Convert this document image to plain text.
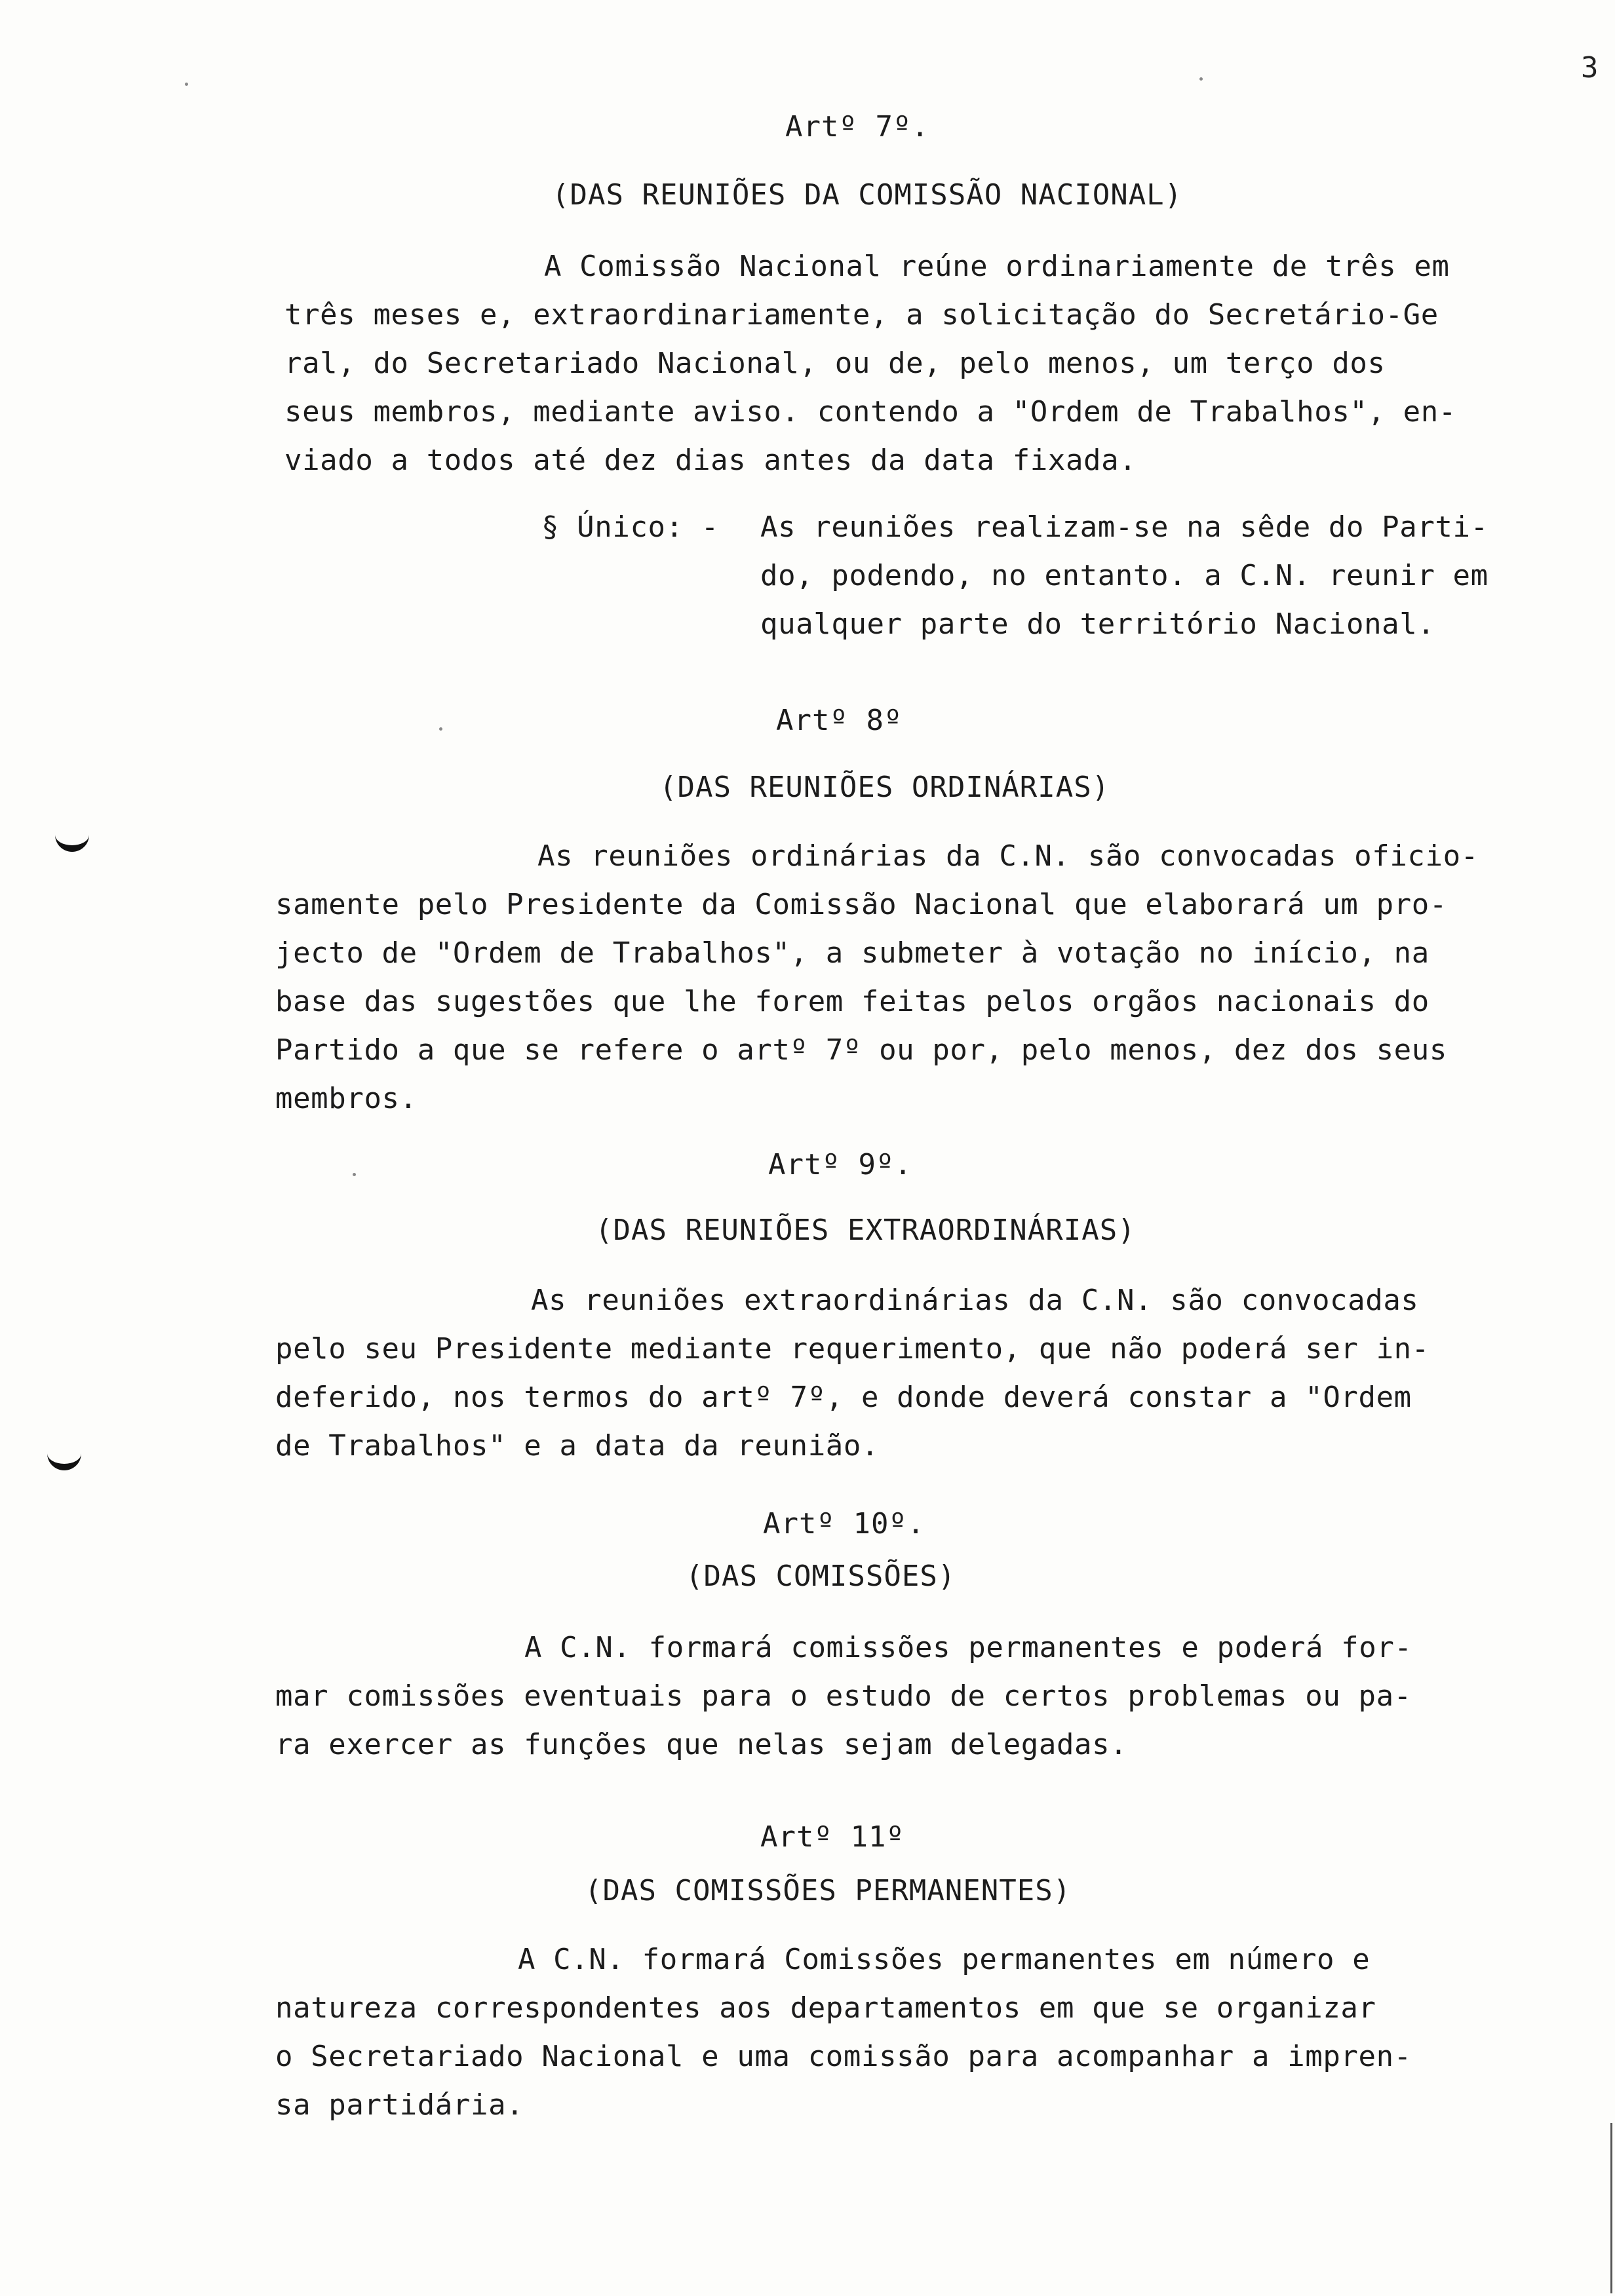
3
Artº 7º.
(DAS REUNIÕES DA COMISSÃO NACIONAL)
A Comissão Nacional reúne ordinariamente de três em
três meses e, extraordinariamente, a solicitação do Secretário-Ge
ral, do Secretariado Nacional, ou de, pelo menos, um terço dos
seus membros, mediante aviso. contendo a "Ordem de Trabalhos", en-
viado a todos até dez dias antes da data fixada.
§ Único: - As reuniões realizam-se na sêde do Parti-
do, podendo, no entanto. a C.N. reunir em
qualquer parte do território Nacional.
Artº 8º
(DAS REUNIÕES ORDINÁRIAS)
As reuniões ordinárias da C.N. são convocadas oficio-
samente pelo Presidente da Comissão Nacional que elaborará um pro-
jecto de "Ordem de Trabalhos", a submeter à votação no início, na
base das sugestões que lhe forem feitas pelos orgãos nacionais do
Partido a que se refere o artº 7º ou por, pelo menos, dez dos seus
membros.
Artº 9º.
(DAS REUNIÕES EXTRAORDINÁRIAS)
As reuniões extraordinárias da C.N. são convocadas
pelo seu Presidente mediante requerimento, que não poderá ser in-
deferido, nos termos do artº 7º, e donde deverá constar a "Ordem
de Trabalhos" e a data da reunião.
Artº 10º.
(DAS COMISSÕES)
A C.N. formará comissões permanentes e poderá for-
mar comissões eventuais para o estudo de certos problemas ou pa-
ra exercer as funções que nelas sejam delegadas.
Artº 11º
(DAS COMISSÕES PERMANENTES)
A C.N. formará Comissões permanentes em número e
natureza correspondentes aos departamentos em que se organizar
o Secretariado Nacional e uma comissão para acompanhar a impren-
sa partidária.
